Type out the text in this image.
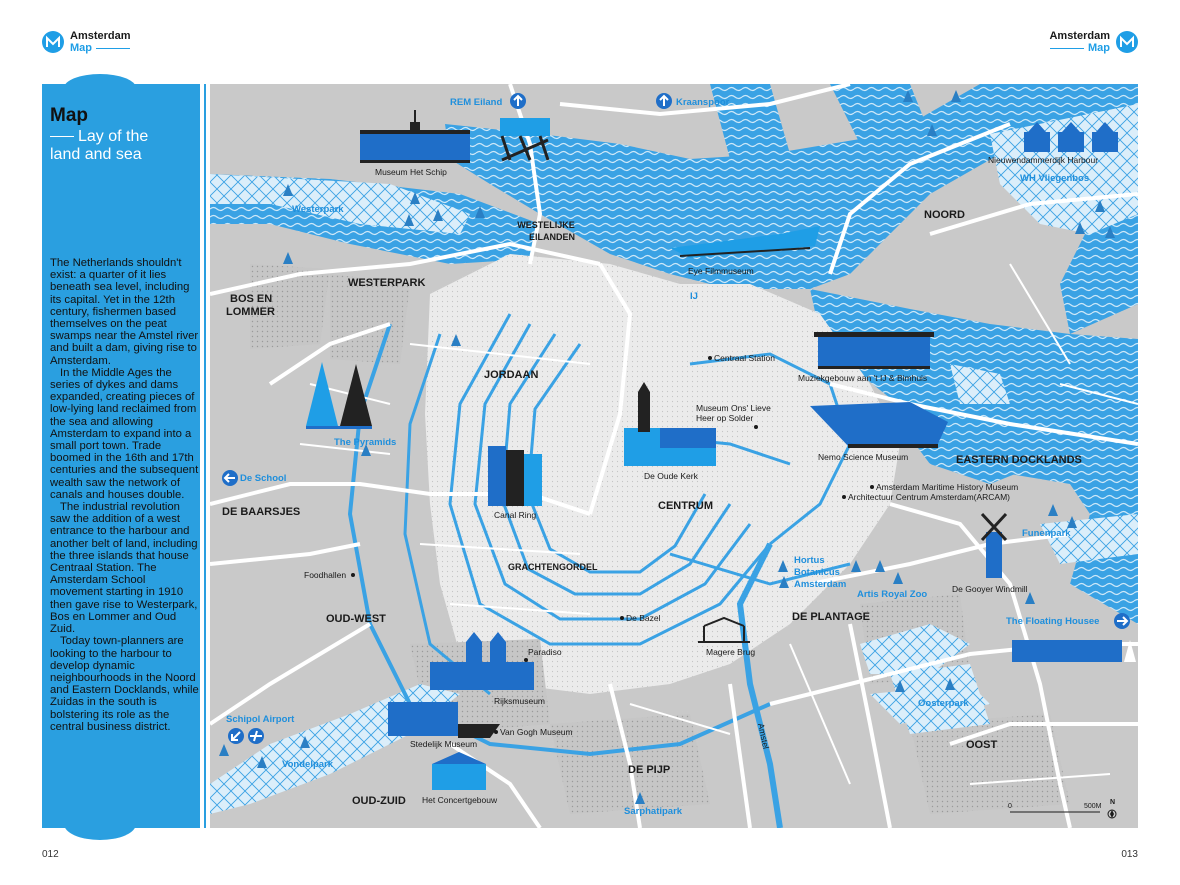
Amsterdam
Map
Amsterdam
Map
Map
Lay of the
land and sea

The Netherlands shouldn't exist: a quarter of it lies beneath sea level, including its capital. Yet in the 12th century, fishermen based themselves on the peat swamps near the Amstel river and built a dam, giving rise to Amsterdam.

In the Middle Ages the series of dykes and dams expanded, creating pieces of low-lying land reclaimed from the sea and allowing Amsterdam to expand into a small port town. Trade boomed in the 16th and 17th centuries and the subsequent wealth saw the network of canals and houses double.

The industrial revolution saw the addition of a west entrance to the harbour and another belt of land, including the three islands that house Centraal Station. The Amsterdam School movement starting in 1910 then gave rise to Westerpark, Bos en Lommer and Oud Zuid.

Today town-planners are looking to the harbour to develop dynamic neighbourhoods in the Noord and Eastern Docklands, while Zuidas in the south is bolstering its role as the central business district.

WESTELIJKE
EILANDEN
NOORD
WESTERPARK
BOS EN
LOMMER
JORDAAN
CENTRUM
GRACHTENGORDEL
DE BAARSJES
OUD-WEST
OUD-ZUID
DE PIJP
DE PLANTAGE
EASTERN DOCKLANDS
OOST
Westerpark
WH Vliegenbos
Vondelpark
Sarphatipark
Oosterpark
Funenpark
Artis Royal Zoo
Hortus
Botanicus
Amsterdam
The Pyramids
De School
The Floating Housee
Schipol Airport
REM Eiland	Kraanspoor
IJ
Museum Het Schip
Nieuwendammerdijk Harbour
Eye Filmmuseum
Centraal Station
Muziekgebouw aan 't IJ & Bimhuis
Museum Ons' Lieve
Heer op Solder
De Oude Kerk
Nemo Science Museum
Amsterdam Maritime History Museum
Architectuur Centrum Amsterdam(ARCAM)
Canal Ring
Foodhallen
De Bazel
Magere Brug
De Gooyer Windmill
Paradiso
Rijksmuseum
Stedelijk Museum
Van Gogh Museum
Het Concertgebouw
Amstel
0	500M
N
012	013
